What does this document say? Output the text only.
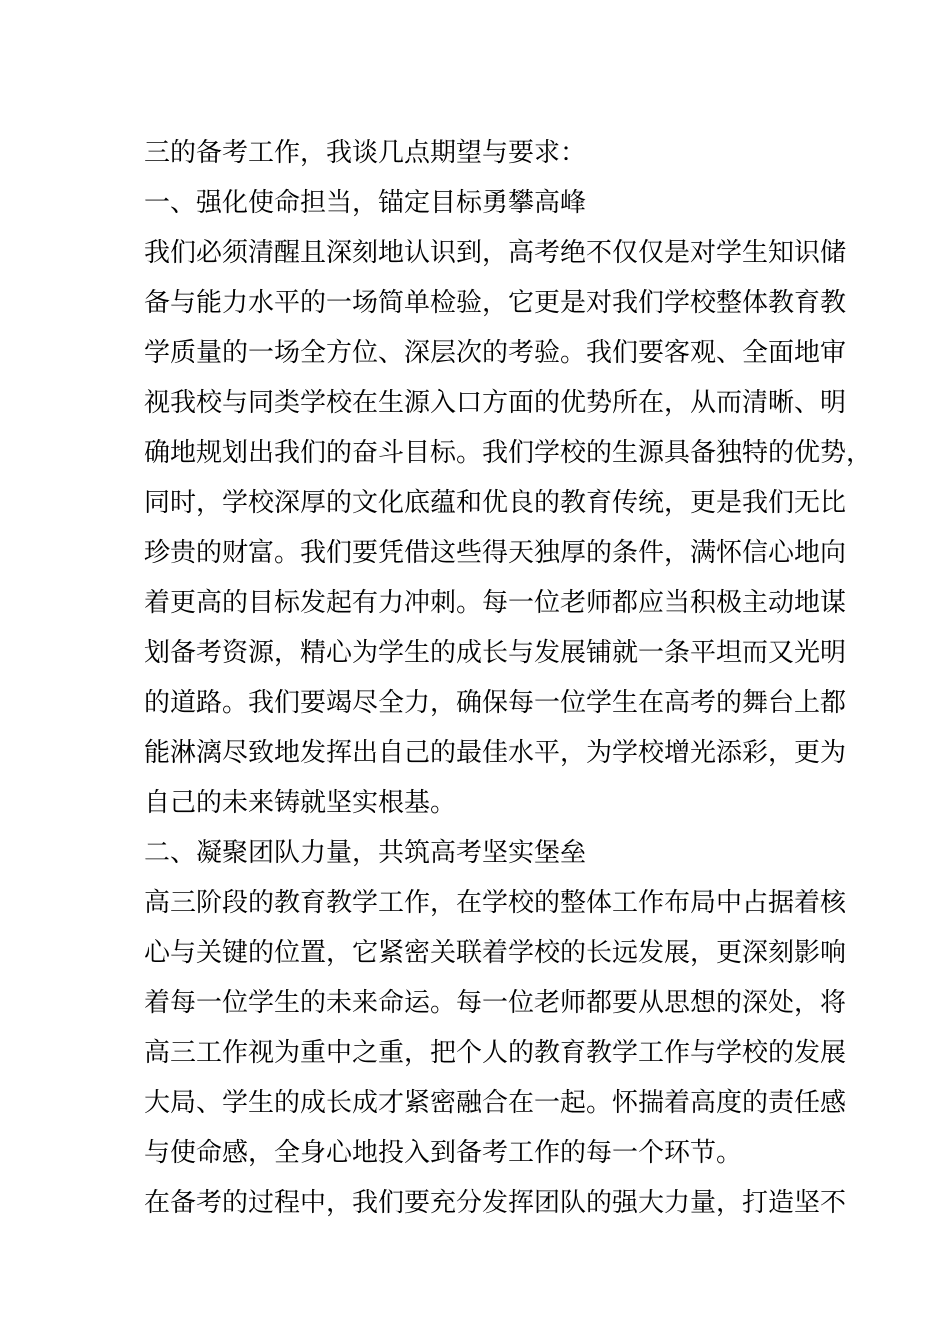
三的备考工作，我谈几点期望与要求：
一、强化使命担当，锚定目标勇攀高峰
我们必须清醒且深刻地认识到，高考绝不仅仅是对学生知识储
备与能力水平的一场简单检验，它更是对我们学校整体教育教
学质量的一场全方位、深层次的考验。我们要客观、全面地审
视我校与同类学校在生源入口方面的优势所在，从而清晰、明
确地规划出我们的奋斗目标。我们学校的生源具备独特的优势，
同时，学校深厚的文化底蕴和优良的教育传统，更是我们无比
珍贵的财富。我们要凭借这些得天独厚的条件，满怀信心地向
着更高的目标发起有力冲刺。每一位老师都应当积极主动地谋
划备考资源，精心为学生的成长与发展铺就一条平坦而又光明
的道路。我们要竭尽全力，确保每一位学生在高考的舞台上都
能淋漓尽致地发挥出自己的最佳水平，为学校增光添彩，更为
自己的未来铸就坚实根基。
二、凝聚团队力量，共筑高考坚实堡垒
高三阶段的教育教学工作，在学校的整体工作布局中占据着核
心与关键的位置，它紧密关联着学校的长远发展，更深刻影响
着每一位学生的未来命运。每一位老师都要从思想的深处，将
高三工作视为重中之重，把个人的教育教学工作与学校的发展
大局、学生的成长成才紧密融合在一起。怀揣着高度的责任感
与使命感，全身心地投入到备考工作的每一个环节。
在备考的过程中，我们要充分发挥团队的强大力量，打造坚不
